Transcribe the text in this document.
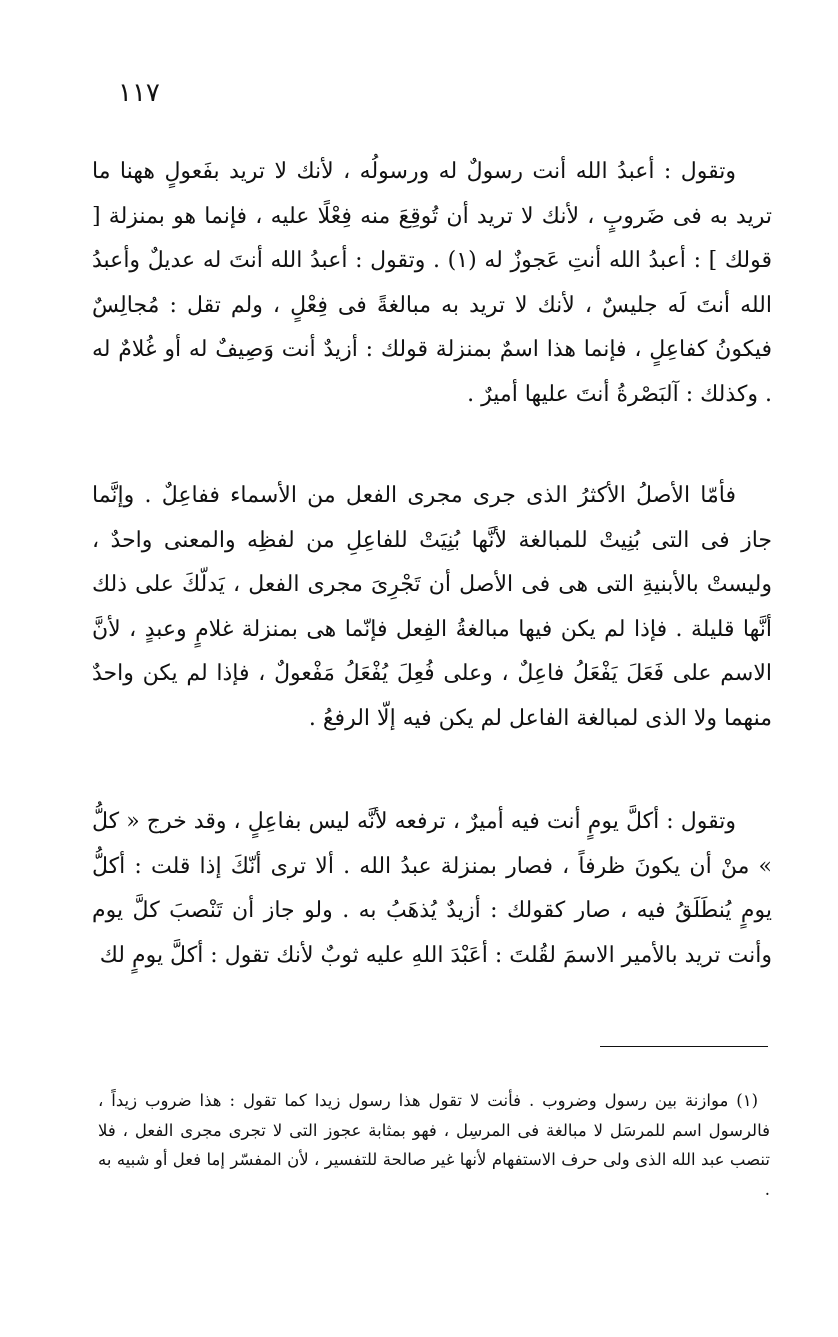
١١٧

وتقول : أعبدُ الله أنت رسولٌ له ورسولُه ، لأنك لا تريد بفَعولٍ ههنا ما تريد به فى ضَروبٍ ، لأنك لا تريد أن تُوقِعَ منه فِعْلًا عليه ، فإنما هو بمنزلة [ قولك ] : أعبدُ الله أنتِ عَجوزٌ له (١) . وتقول : أعبدُ الله أنتَ له عديلٌ وأعبدُ الله أنتَ لَه جليسٌ ، لأنك لا تريد به مبالغةً فى فِعْلٍ ، ولم تقل : مُجالِسٌ فيكونُ كفاعِلٍ ، فإنما هذا اسمٌ بمنزلة قولك : أزيدٌ أنت وَصِيفٌ له أو غُلامٌ له . وكذلك : آلبَصْرةُ أنتَ عليها أميرٌ .

فأمّا الأصلُ الأكثرُ الذى جرى مجرى الفعل من الأسماء ففاعِلٌ . وإنَّما جاز فى التى بُنِيتْ للمبالغة لأنَّها بُنِيَتْ للفاعِلِ من لفظِه والمعنى واحدٌ ، وليستْ بالأبنيةِ التى هى فى الأصل أن تَجْرِىَ مجرى الفعل ، يَدلّكَ على ذلك أنَّها قليلة . فإذا لم يكن فيها مبالغةُ الفِعل فإنّما هى بمنزلة غلامٍ وعبدٍ ، لأنَّ الاسم على فَعَلَ يَفْعَلُ فاعِلٌ ، وعلى فُعِلَ يُفْعَلُ مَفْعولٌ ، فإذا لم يكن واحدٌ منهما ولا الذى لمبالغة الفاعل لم يكن فيه إلّا الرفعُ .

وتقول : أكلَّ يومٍ أنت فيه أميرٌ ، ترفعه لأنَّه ليس بفاعِلٍ ، وقد خرج « كلُّ » منْ أن يكونَ ظرفاً ، فصار بمنزلة عبدُ الله . ألا ترى أنّكَ إذا قلت : أكلُّ يومٍ يُنطَلَقُ فيه ، صار كقولك : أزيدٌ يُذهَبُ به . ولو جاز أن تَنْصبَ كلَّ يوم وأنت تريد بالأمير الاسمَ لقُلتَ : أعَبْدَ اللهِ عليه ثوبٌ لأنك تقول : أكلَّ يومٍ لك

(١) موازنة بين رسول وضروب . فأنت لا تقول هذا رسول زيدا كما تقول : هذا ضروب زيداً ، فالرسول اسم للمرسَل لا مبالغة فى المرسِل ، فهو بمثابة عجوز التى لا تجرى مجرى الفعل ، فلا تنصب عبد الله الذى ولى حرف الاستفهام لأنها غير صالحة للتفسير ، لأن المفسّر إما فعل أو شبيه به .
